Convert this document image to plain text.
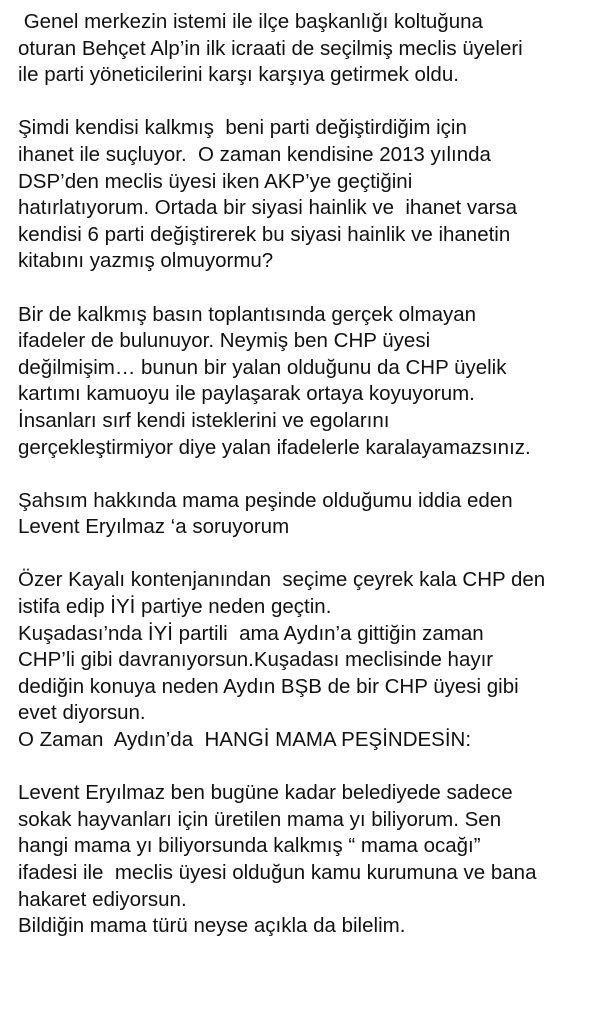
Genel merkezin istemi ile ilçe başkanlığı koltuğuna
oturan Behçet Alp’in ilk icraati de seçilmiş meclis üyeleri
ile parti yöneticilerini karşı karşıya getirmek oldu.

Şimdi kendisi kalkmış  beni parti değiştirdiğim için
ihanet ile suçluyor.  O zaman kendisine 2013 yılında
DSP’den meclis üyesi iken AKP’ye geçtiğini
hatırlatıyorum. Ortada bir siyasi hainlik ve  ihanet varsa
kendisi 6 parti değiştirerek bu siyasi hainlik ve ihanetin
kitabını yazmış olmuyormu?

Bir de kalkmış basın toplantısında gerçek olmayan
ifadeler de bulunuyor. Neymiş ben CHP üyesi
değilmişim… bunun bir yalan olduğunu da CHP üyelik
kartımı kamuoyu ile paylaşarak ortaya koyuyorum.
İnsanları sırf kendi isteklerini ve egolarını
gerçekleştirmiyor diye yalan ifadelerle karalayamazsınız.

Şahsım hakkında mama peşinde olduğumu iddia eden
Levent Eryılmaz ‘a soruyorum

Özer Kayalı kontenjanından  seçime çeyrek kala CHP den
istifa edip İYİ partiye neden geçtin.
Kuşadası’nda İYİ partili  ama Aydın’a gittiğin zaman
CHP’li gibi davranıyorsun.Kuşadası meclisinde hayır
dediğin konuya neden Aydın BŞB de bir CHP üyesi gibi
evet diyorsun.
O Zaman  Aydın’da  HANGİ MAMA PEŞİNDESİN:

Levent Eryılmaz ben bugüne kadar belediyede sadece
sokak hayvanları için üretilen mama yı biliyorum. Sen
hangi mama yı biliyorsunda kalkmış “ mama ocağı”
ifadesi ile  meclis üyesi olduğun kamu kurumuna ve bana
hakaret ediyorsun.
Bildiğin mama türü neyse açıkla da bilelim.
